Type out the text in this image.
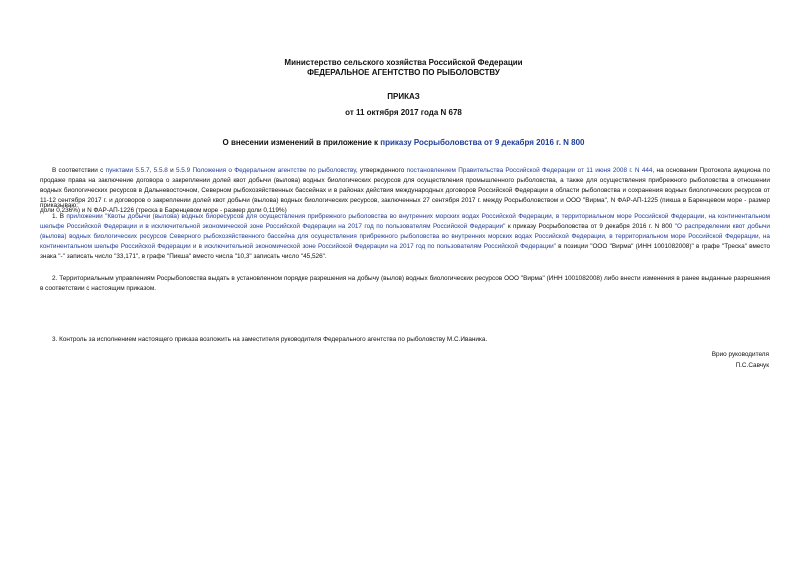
Министерство сельского хозяйства Российской Федерации
ФЕДЕРАЛЬНОЕ АГЕНТСТВО ПО РЫБОЛОВСТВУ
ПРИКАЗ
от 11 октября 2017 года N 678
О внесении изменений в приложение к приказу Росрыболовства от 9 декабря 2016 г. N 800
В соответствии с пунктами 5.5.7, 5.5.8 и 5.5.9 Положения о Федеральном агентстве по рыболовству, утвержденного постановлением Правительства Российской Федерации от 11 июня 2008 г. N 444, на основании Протокола аукциона по продаже права на заключение договора о закреплении долей квот добычи (вылова) водных биологических ресурсов для осуществления промышленного рыболовства, а также для осуществления прибрежного рыболовства в отношении водных биологических ресурсов в Дальневосточном, Северном рыбохозяйственных бассейнах и в районах действия международных договоров Российской Федерации в области рыболовства и сохранения водных биологических ресурсов от 11-12 сентября 2017 г. и договоров о закреплении долей квот добычи (вылова) водных биологических ресурсов, заключенных 27 сентября 2017 г. между Росрыболовством и ООО "Вирма", N ФАР-АП-1225 (пикша в Баренцевом море - размер доли 0,236%) и N ФАР-АП-1226 (треска в Баренцевом море - размер доли 0,119%)
приказываю:
1. В приложении "Квоты добычи (вылова) водных биоресурсов для осуществления прибрежного рыболовства во внутренних морских водах Российской Федерации, в территориальном море Российской Федерации, на континентальном шельфе Российской Федерации и в исключительной экономической зоне Российской Федерации на 2017 год по пользователям Российской Федерации" к приказу Росрыболовства от 9 декабря 2016 г. N 800 "О распределении квот добычи (вылова) водных биологических ресурсов Северного рыбохозяйственного бассейна для осуществления прибрежного рыболовства во внутренних морских водах Российской Федерации, в территориальном море Российской Федерации, на континентальном шельфе Российской Федерации и в исключительной экономической зоне Российской Федерации на 2017 год по пользователям Российской Федерации" в позиции "ООО "Вирма" (ИНН 1001082008)" в графе "Треска" вместо знака "-" записать число "33,171", в графе "Пикша" вместо числа "10,3" записать число "45,526".
2. Территориальным управлениям Росрыболовства выдать в установленном порядке разрешения на добычу (вылов) водных биологических ресурсов ООО "Вирма" (ИНН 1001082008) либо внести изменения в ранее выданные разрешения в соответствии с настоящим приказом.
3. Контроль за исполнением настоящего приказа возложить на заместителя руководителя Федерального агентства по рыболовству М.С.Иваника.
Врио руководителя
П.С.Савчук
